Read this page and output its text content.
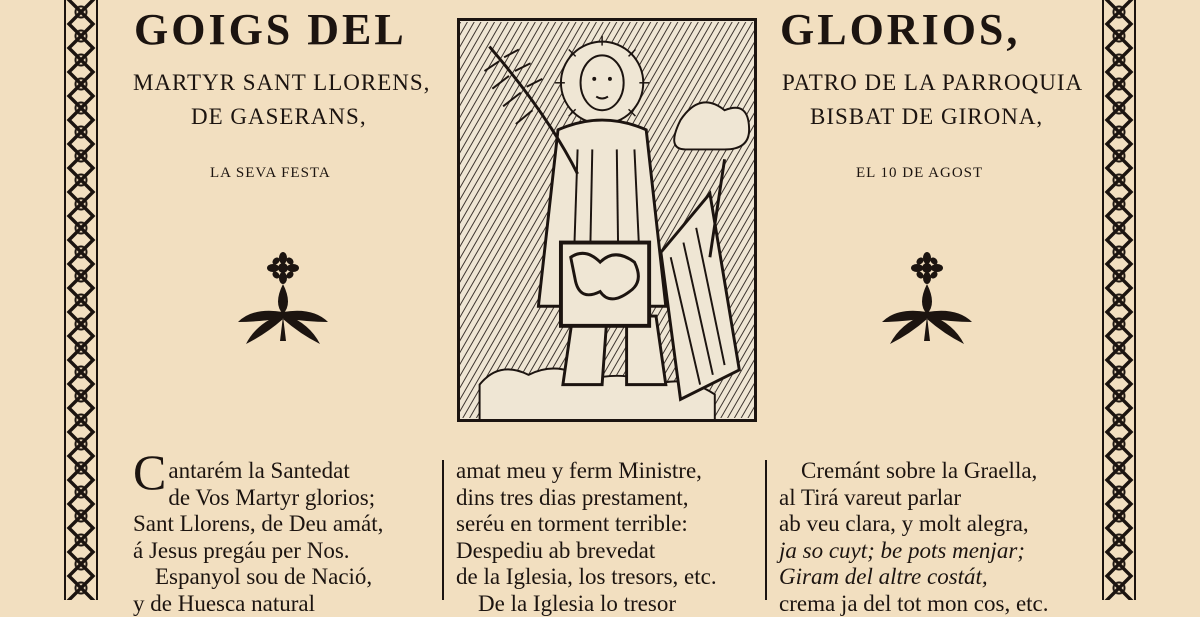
GOIGS DEL	GLORIOS,
MARTYR SANT LLORENS,
DE GASERANS,
PATRO DE LA PARROQUIA
BISBAT DE GIRONA,
LA SEVA FESTA	EL 10 DE AGOST

Cantarém la Santedat

de Vos Martyr glorios;

Sant Llorens, de Deu amát,

á Jesus pregáu per Nos.

Espanyol sou de Nació,

y de Huesca natural

amat meu y ferm Ministre,

dins tres dias prestament,

seréu en torment terrible:

Despediu ab brevedat

de la Iglesia, los tresors, etc.

De la Iglesia lo tresor

Cremánt sobre la Graella,

al Tirá vareut parlar

ab veu clara, y molt alegra,

ja so cuyt; be pots menjar;

Giram del altre costát,

crema ja del tot mon cos, etc.
